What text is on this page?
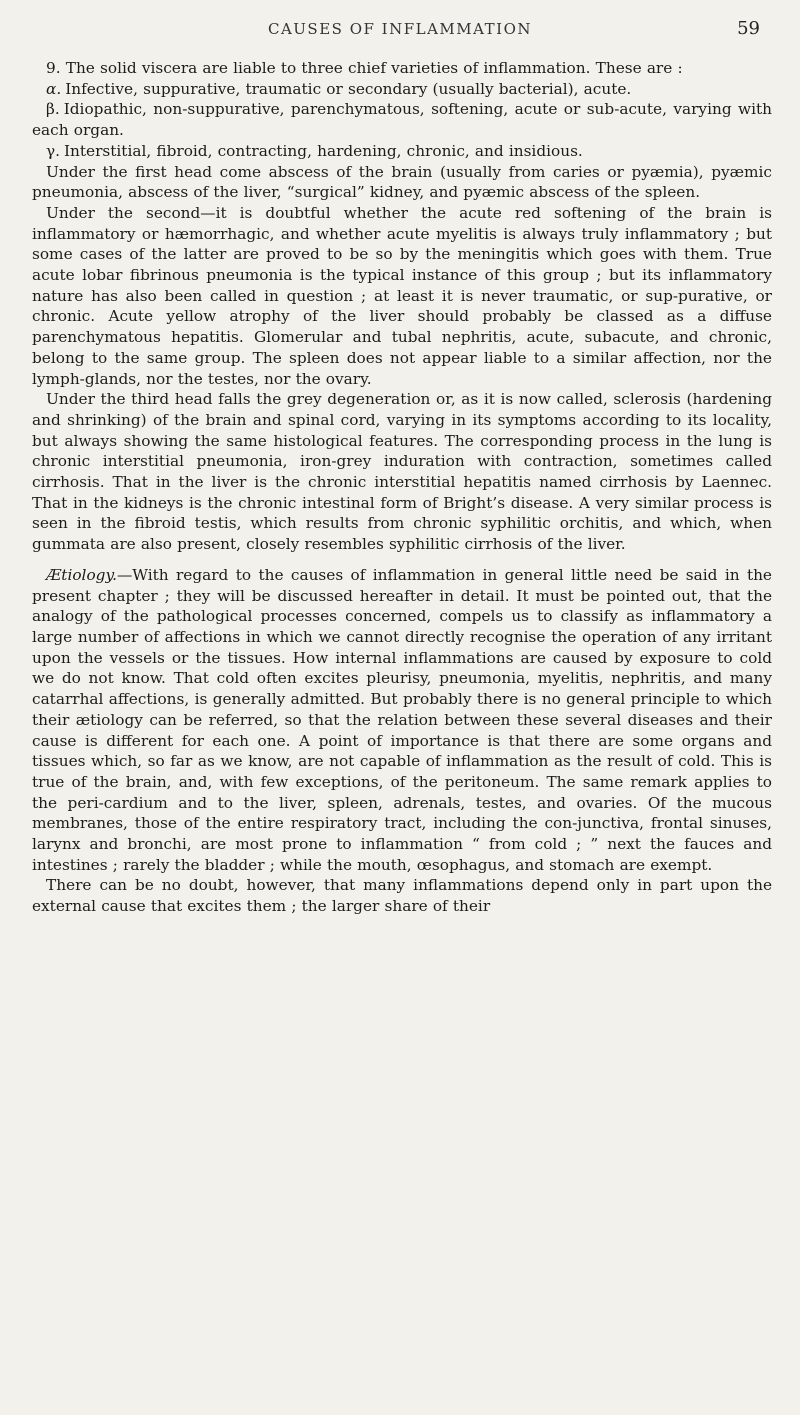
CAUSES OF INFLAMMATION	59

9. The solid viscera are liable to three chief varieties of inflammation. These are :

α. Infective, suppurative, traumatic or secondary (usually bacterial), acute.

β. Idiopathic, non-suppurative, parenchymatous, softening, acute or sub-acute, varying with each organ.

γ. Interstitial, fibroid, contracting, hardening, chronic, and insidious.

Under the first head come abscess of the brain (usually from caries or pyæmia), pyæmic pneumonia, abscess of the liver, “surgical” kidney, and pyæmic abscess of the spleen.

Under the second—it is doubtful whether the acute red softening of the brain is inflammatory or hæmorrhagic, and whether acute myelitis is always truly inflammatory ; but some cases of the latter are proved to be so by the meningitis which goes with them. True acute lobar fibrinous pneumonia is the typical instance of this group ; but its inflammatory nature has also been called in question ; at least it is never traumatic, or sup-purative, or chronic. Acute yellow atrophy of the liver should probably be classed as a diffuse parenchymatous hepatitis. Glomerular and tubal nephritis, acute, subacute, and chronic, belong to the same group. The spleen does not appear liable to a similar affection, nor the lymph-glands, nor the testes, nor the ovary.

Under the third head falls the grey degeneration or, as it is now called, sclerosis (hardening and shrinking) of the brain and spinal cord, varying in its symptoms according to its locality, but always showing the same histological features. The corresponding process in the lung is chronic interstitial pneumonia, iron-grey induration with contraction, sometimes called cirrhosis. That in the liver is the chronic interstitial hepatitis named cirrhosis by Laennec. That in the kidneys is the chronic intestinal form of Bright’s disease. A very similar process is seen in the fibroid testis, which results from chronic syphilitic orchitis, and which, when gummata are also present, closely resembles syphilitic cirrhosis of the liver.

Ætiology.—With regard to the causes of inflammation in general little need be said in the present chapter ; they will be discussed hereafter in detail. It must be pointed out, that the analogy of the pathological processes concerned, compels us to classify as inflammatory a large number of affections in which we cannot directly recognise the operation of any irritant upon the vessels or the tissues. How internal inflammations are caused by exposure to cold we do not know. That cold often excites pleurisy, pneumonia, myelitis, nephritis, and many catarrhal affections, is generally admitted. But probably there is no general principle to which their ætiology can be referred, so that the relation between these several diseases and their cause is different for each one. A point of importance is that there are some organs and tissues which, so far as we know, are not capable of inflammation as the result of cold. This is true of the brain, and, with few exceptions, of the peritoneum. The same remark applies to the peri-cardium and to the liver, spleen, adrenals, testes, and ovaries. Of the mucous membranes, those of the entire respiratory tract, including the con-junctiva, frontal sinuses, larynx and bronchi, are most prone to inflammation “ from cold ; ” next the fauces and intestines ; rarely the bladder ; while the mouth, œsophagus, and stomach are exempt.

There can be no doubt, however, that many inflammations depend only in part upon the external cause that excites them ; the larger share of their
